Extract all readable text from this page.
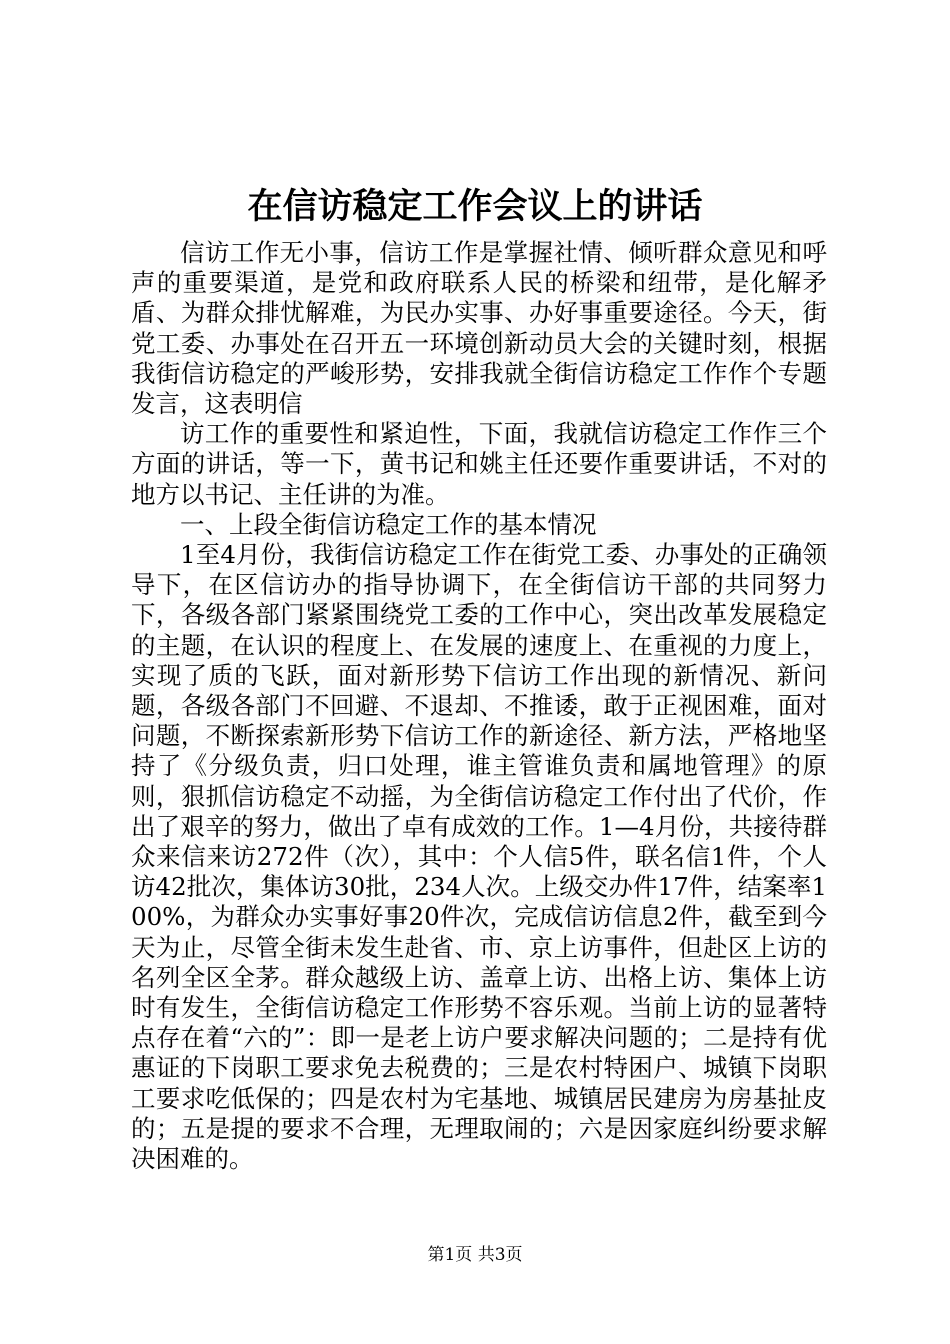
在信访稳定工作会议上的讲话

信访工作无小事，信访工作是掌握社情、倾听群众意见和呼声的重要渠道，是党和政府联系人民的桥梁和纽带，是化解矛盾、为群众排忧解难，为民办实事、办好事重要途径。今天，街党工委、办事处在召开五一环境创新动员大会的关键时刻，根据我街信访稳定的严峻形势，安排我就全街信访稳定工作作个专题发言，这表明信

访工作的重要性和紧迫性，下面，我就信访稳定工作作三个方面的讲话，等一下，黄书记和姚主任还要作重要讲话，不对的地方以书记、主任讲的为准。

一、上段全街信访稳定工作的基本情况

1至4月份，我街信访稳定工作在街党工委、办事处的正确领导下，在区信访办的指导协调下，在全街信访干部的共同努力下，各级各部门紧紧围绕党工委的工作中心，突出改革发展稳定的主题，在认识的程度上、在发展的速度上、在重视的力度上，实现了质的飞跃，面对新形势下信访工作出现的新情况、新问题，各级各部门不回避、不退却、不推诿，敢于正视困难，面对问题，不断探索新形势下信访工作的新途径、新方法，严格地坚持了《分级负责，归口处理，谁主管谁负责和属地管理》的原则，狠抓信访稳定不动摇，为全街信访稳定工作付出了代价，作出了艰辛的努力，做出了卓有成效的工作。1—4月份，共接待群众来信来访272件（次），其中：个人信5件，联名信1件，个人访42批次，集体访30批，234人次。上级交办件17件，结案率100%，为群众办实事好事20件次，完成信访信息2件，截至到今天为止，尽管全街未发生赴省、市、京上访事件，但赴区上访的名列全区全茅。群众越级上访、盖章上访、出格上访、集体上访时有发生，全街信访稳定工作形势不容乐观。当前上访的显著特点存在着“六的”：即一是老上访户要求解决问题的；二是持有优惠证的下岗职工要求免去税费的；三是农村特困户、城镇下岗职工要求吃低保的；四是农村为宅基地、城镇居民建房为房基扯皮的；五是提的要求不合理，无理取闹的；六是因家庭纠纷要求解决困难的。

第1页 共3页
